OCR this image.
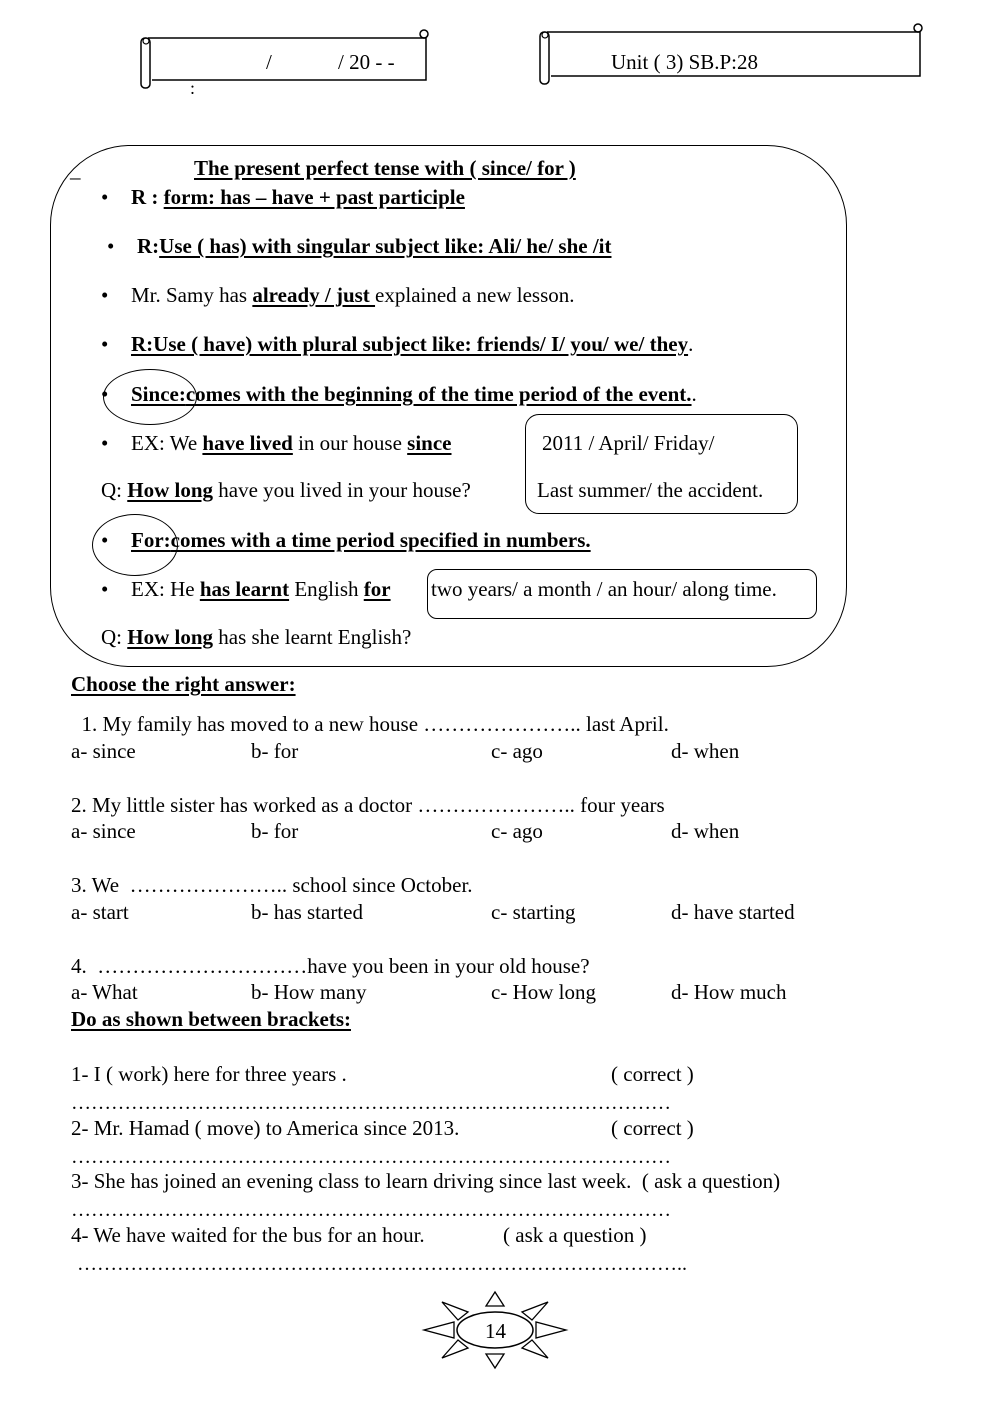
/	/ 20 - -
:
Unit ( 3) SB.P:28
_	The present perfect tense with ( since/ for )
• R : form: has – have + past participle
• R:Use ( has) with singular subject like: Ali/ he/ she /it
• Mr. Samy has already / just explained a new lesson.
• R:Use ( have) with plural subject like: friends/ I/ you/ we/ they.
• Since:comes with the beginning of the time period of the event..
• EX: We have lived in our house since
Q: How long have you lived in your house?
2011 / April/ Friday/
Last summer/ the accident.
• For:comes with a time period specified in numbers.
• EX: He has learnt English for two years/ a month / an hour/ along time.
Q: How long has she learnt English?
Choose the right answer:
1. My family has moved to a new house ………………….. last April.
a- since	b- for	c- ago	d- when
2. My little sister has worked as a doctor ………………….. four years
a- since	b- for	c- ago	d- when
3. We  ………………….. school since October.
a- start	b- has started	c- starting	d- have started
4.  …………………………have you been in your old house?
a- What	b- How many	c- How long	d- How much
Do as shown between brackets:
1- I ( work) here for three years .	( correct )
………………………………………………………………………………
2- Mr. Hamad ( move) to America since 2013.	( correct )
………………………………………………………………………………
3- She has joined an evening class to learn driving since last week.  ( ask a question)
………………………………………………………………………………
4- We have waited for the bus for an hour.	( ask a question )
………………………………………………………………………………..
14
